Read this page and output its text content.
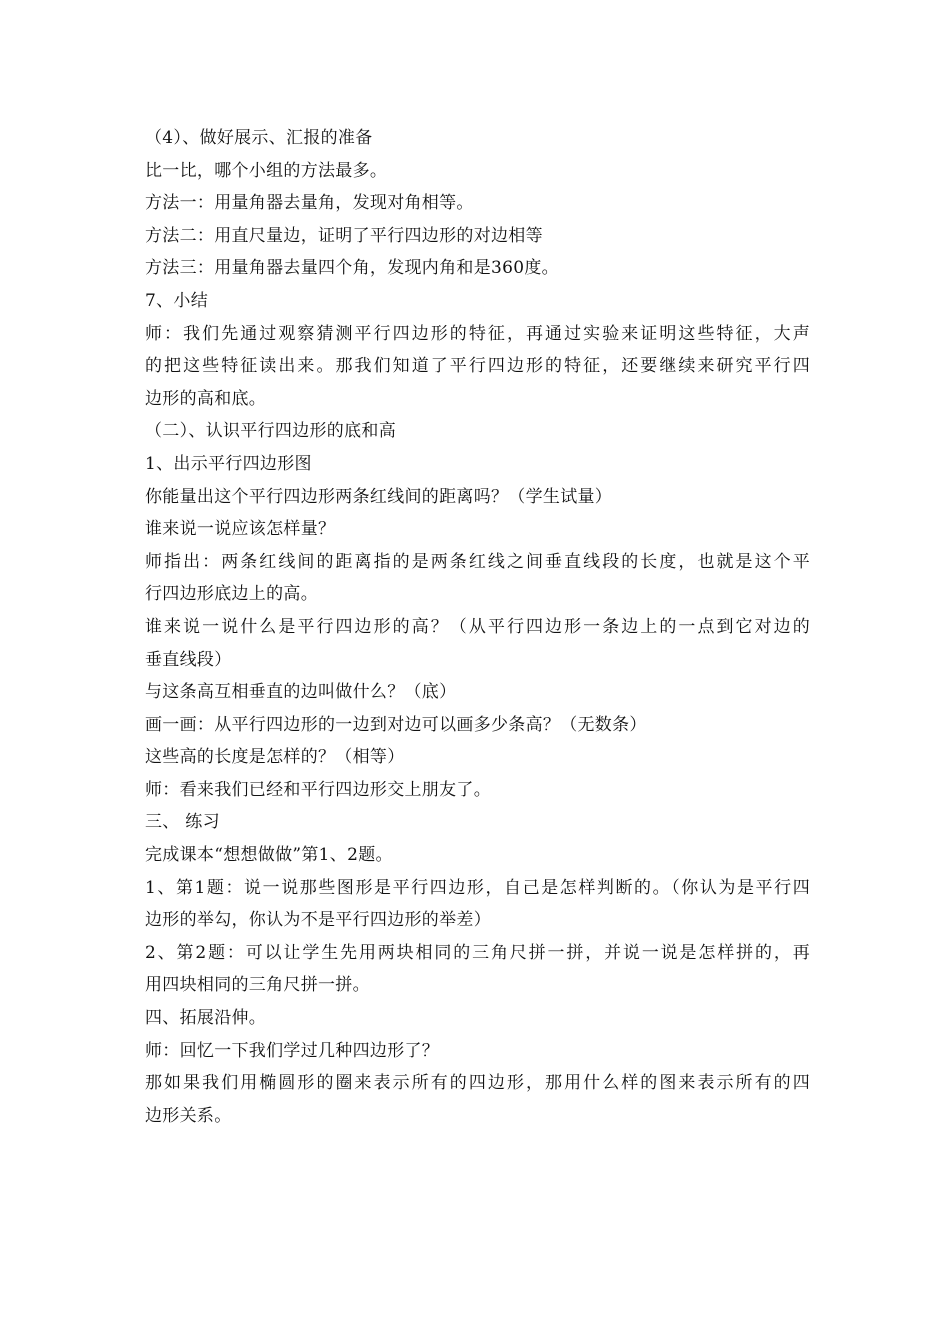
（4）、做好展示、汇报的准备
比一比，哪个小组的方法最多。
方法一：用量角器去量角，发现对角相等。
方法二：用直尺量边，证明了平行四边形的对边相等
方法三：用量角器去量四个角，发现内角和是360度。
7、小结
师：我们先通过观察猜测平行四边形的特征，再通过实验来证明这些特征，大声
的把这些特征读出来。那我们知道了平行四边形的特征，还要继续来研究平行四
边形的高和底。
（二）、认识平行四边形的底和高
1、出示平行四边形图
你能量出这个平行四边形两条红线间的距离吗？（学生试量）
谁来说一说应该怎样量？
师指出：两条红线间的距离指的是两条红线之间垂直线段的长度，也就是这个平
行四边形底边上的高。
谁来说一说什么是平行四边形的高？（从平行四边形一条边上的一点到它对边的
垂直线段）
与这条高互相垂直的边叫做什么？（底）
画一画：从平行四边形的一边到对边可以画多少条高？（无数条）
这些高的长度是怎样的？（相等）
师：看来我们已经和平行四边形交上朋友了。
三、 练习
完成课本“想想做做”第1、2题。
1、第1题：说一说那些图形是平行四边形，自己是怎样判断的。（你认为是平行四
边形的举勾，你认为不是平行四边形的举差）
2、第2题：可以让学生先用两块相同的三角尺拼一拼，并说一说是怎样拼的，再
用四块相同的三角尺拼一拼。
四、拓展沿伸。
师：回忆一下我们学过几种四边形了？
那如果我们用椭圆形的圈来表示所有的四边形，那用什么样的图来表示所有的四
边形关系。
